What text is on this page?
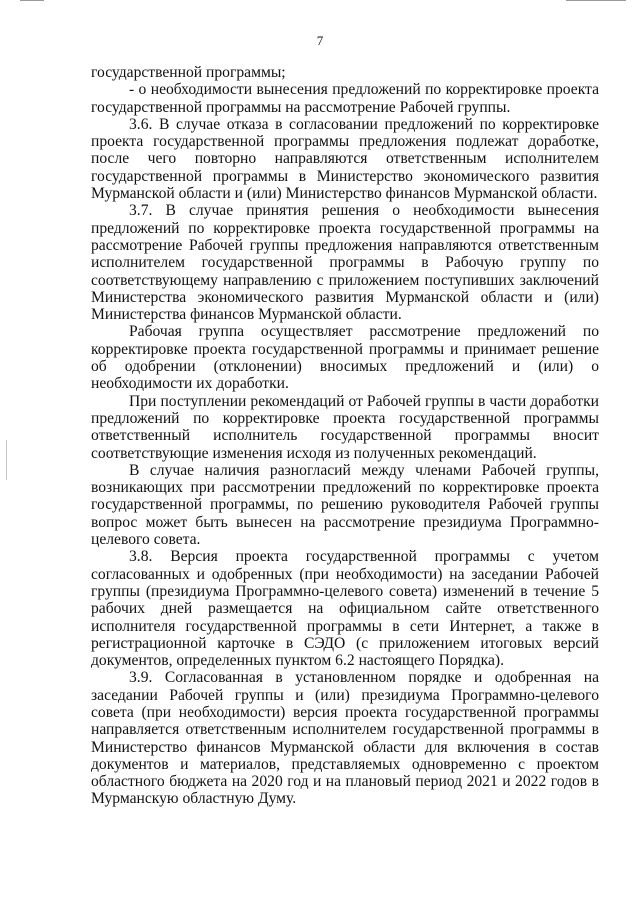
7

государственной программы;

- о необходимости вынесения предложений по корректировке проекта государственной программы на рассмотрение Рабочей группы.

3.6. В случае отказа в согласовании предложений по корректировке проекта государственной программы предложения подлежат доработке, после чего повторно направляются ответственным исполнителем государственной программы в Министерство экономического развития Мурманской области и (или) Министерство финансов Мурманской области.

3.7. В случае принятия решения о необходимости вынесения предложений по корректировке проекта государственной программы на рассмотрение Рабочей группы предложения направляются ответственным исполнителем государственной программы в Рабочую группу по соответствующему направлению с приложением поступивших заключений Министерства экономического развития Мурманской области и (или) Министерства финансов Мурманской области.

Рабочая группа осуществляет рассмотрение предложений по корректировке проекта государственной программы и принимает решение об одобрении (отклонении) вносимых предложений и (или) о необходимости их доработки.

При поступлении рекомендаций от Рабочей группы в части доработки предложений по корректировке проекта государственной программы ответственный исполнитель государственной программы вносит соответствующие изменения исходя из полученных рекомендаций.

В случае наличия разногласий между членами Рабочей группы, возникающих при рассмотрении предложений по корректировке проекта государственной программы, по решению руководителя Рабочей группы вопрос может быть вынесен на рассмотрение президиума Программно-целевого совета.

3.8. Версия проекта государственной программы с учетом согласованных и одобренных (при необходимости) на заседании Рабочей группы (президиума Программно-целевого совета) изменений в течение 5 рабочих дней размещается на официальном сайте ответственного исполнителя государственной программы в сети Интернет, а также в регистрационной карточке в СЭДО (с приложением итоговых версий документов, определенных пунктом 6.2 настоящего Порядка).

3.9. Согласованная в установленном порядке и одобренная на заседании Рабочей группы и (или) президиума Программно-целевого совета (при необходимости) версия проекта государственной программы направляется ответственным исполнителем государственной программы в Министерство финансов Мурманской области для включения в состав документов и материалов, представляемых одновременно с проектом областного бюджета на 2020 год и на плановый период 2021 и 2022 годов в Мурманскую областную Думу.
